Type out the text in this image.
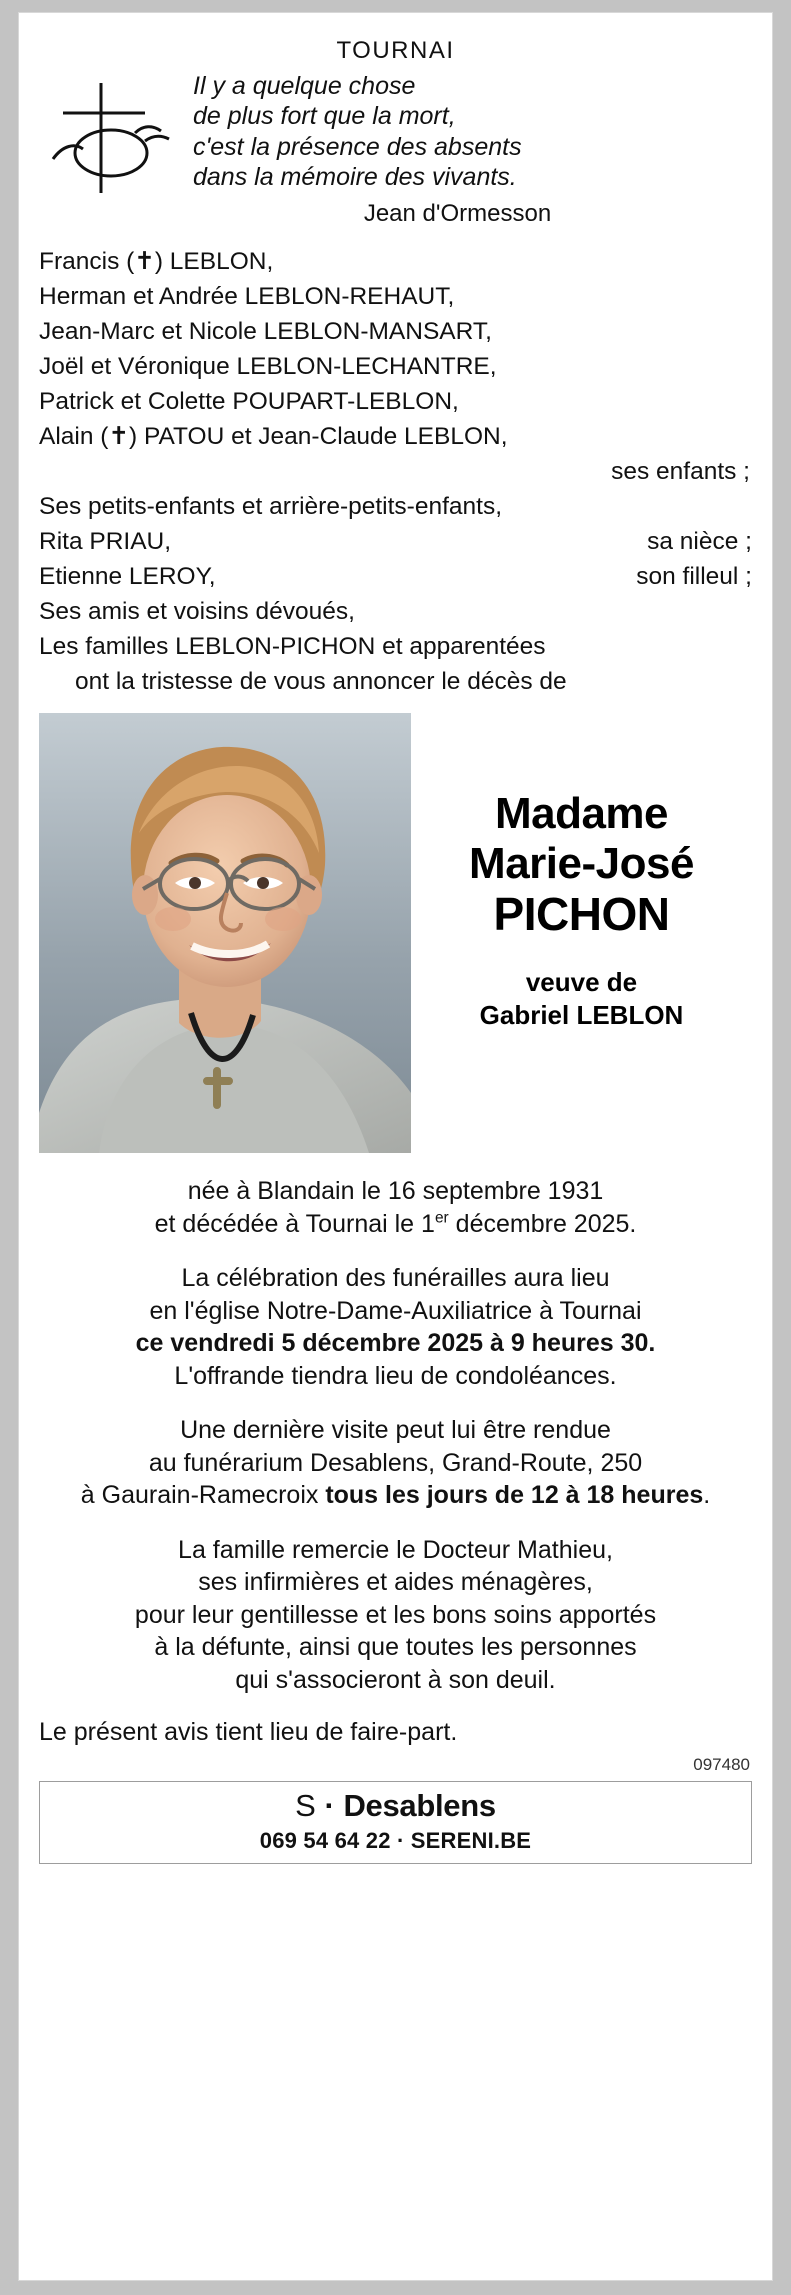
TOURNAI
Il y a quelque chose
de plus fort que la mort,
c'est la présence des absents
dans la mémoire des vivants.
Jean d'Ormesson
Francis (✝) LEBLON,
Herman et Andrée LEBLON-REHAUT,
Jean-Marc et Nicole LEBLON-MANSART,
Joël et Véronique LEBLON-LECHANTRE,
Patrick et Colette POUPART-LEBLON,
Alain (✝) PATOU et Jean-Claude LEBLON,
ses enfants ;
Ses petits-enfants et arrière-petits-enfants,
Rita PRIAU,	sa nièce ;
Etienne LEROY,	son filleul ;
Ses amis et voisins dévoués,
Les familles LEBLON-PICHON et apparentées
ont la tristesse de vous annoncer le décès de
Madame
Marie-José
PICHON
veuve de
Gabriel LEBLON
née à Blandain le 16 septembre 1931
et décédée à Tournai le 1er décembre 2025.
La célébration des funérailles aura lieu
en l'église Notre-Dame-Auxiliatrice à Tournai
ce vendredi 5 décembre 2025 à 9 heures 30.
L'offrande tiendra lieu de condoléances.
Une dernière visite peut lui être rendue
au funérarium Desablens, Grand-Route, 250
à Gaurain-Ramecroix tous les jours de 12 à 18 heures.
La famille remercie le Docteur Mathieu,
ses infirmières et aides ménagères,
pour leur gentillesse et les bons soins apportés
à la défunte, ainsi que toutes les personnes
qui s'associeront à son deuil.
Le présent avis tient lieu de faire-part.
097480
S · Desablens
069 54 64 22 · SERENI.BE
